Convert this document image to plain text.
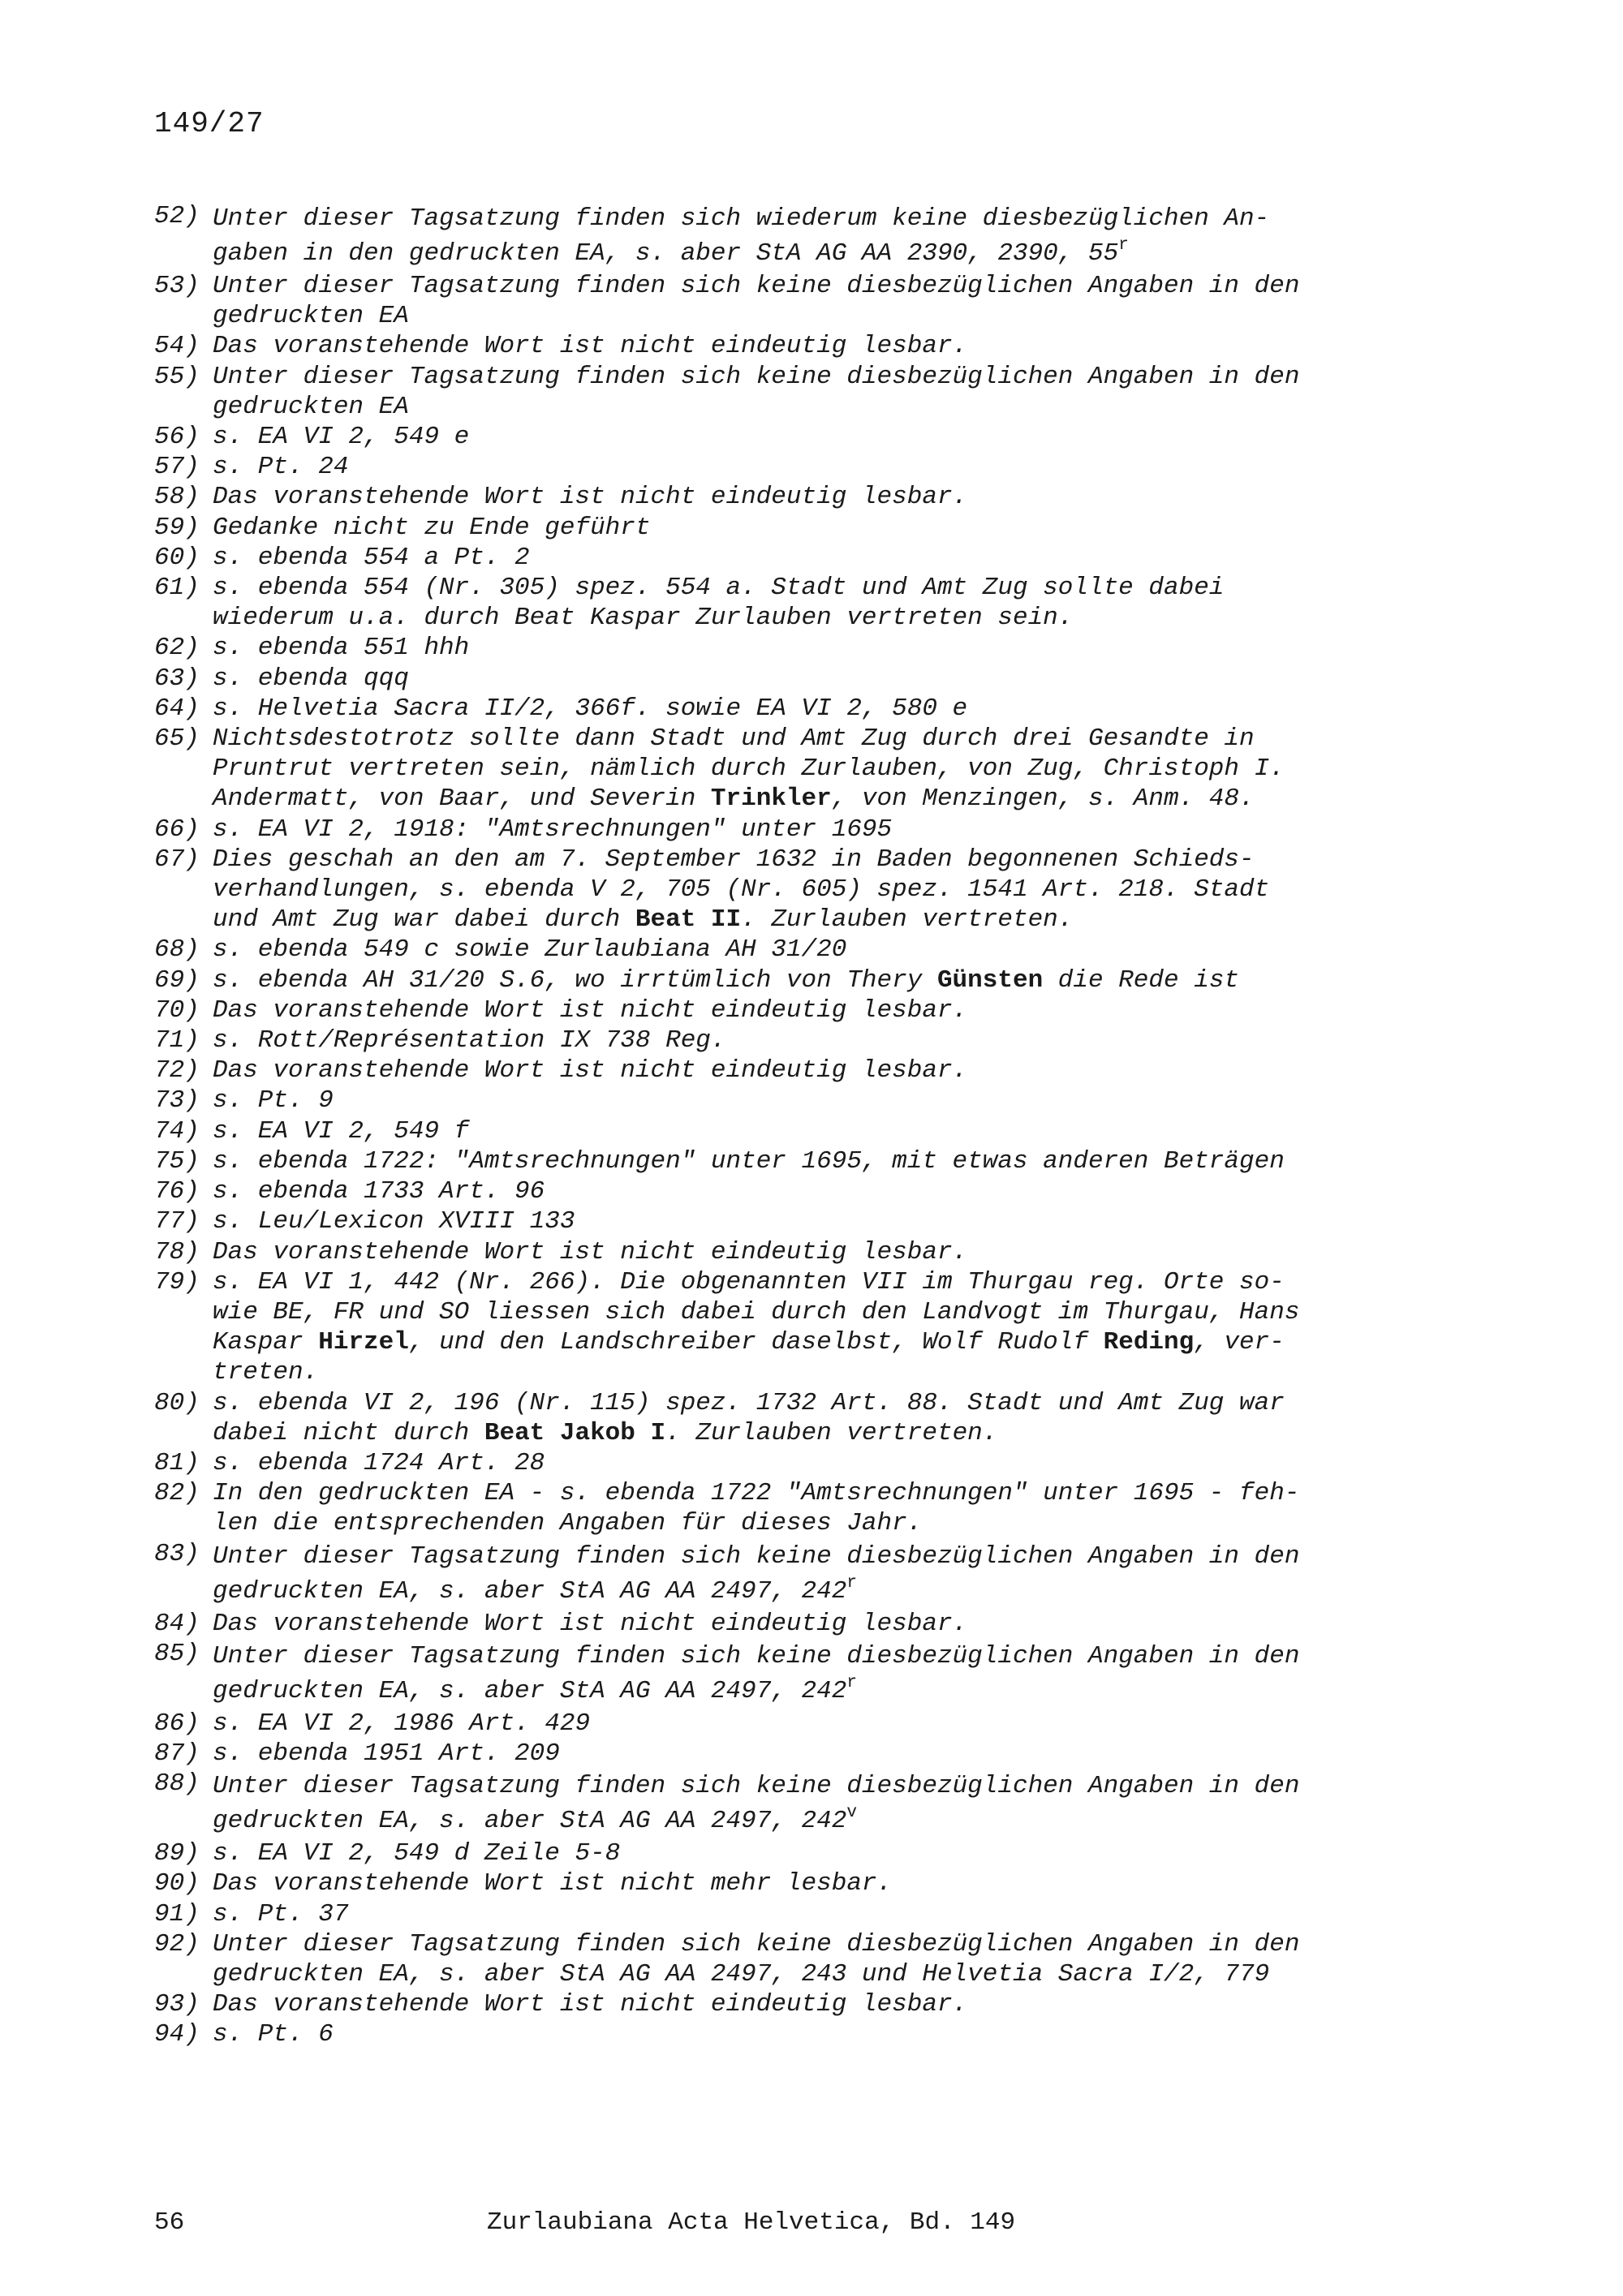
149/27
52) Unter dieser Tagsatzung finden sich wiederum keine diesbezüglichen An-
gaben in den gedruckten EA, s. aber StA AG AA 2390, 2390, 55$^r$
53) Unter dieser Tagsatzung finden sich keine diesbezüglichen Angaben in den
gedruckten EA
54) Das voranstehende Wort ist nicht eindeutig lesbar.
55) Unter dieser Tagsatzung finden sich keine diesbezüglichen Angaben in den
gedruckten EA
56) s. EA VI 2, 549 e
57) s. Pt. 24
58) Das voranstehende Wort ist nicht eindeutig lesbar.
59) Gedanke nicht zu Ende geführt
60) s. ebenda 554 a Pt. 2
61) s. ebenda 554 (Nr. 305) spez. 554 a. Stadt und Amt Zug sollte dabei
wiederum u.a. durch Beat Kaspar Zurlauben vertreten sein.
62) s. ebenda 551 hhh
63) s. ebenda qqq
64) s. Helvetia Sacra II/2, 366f. sowie EA VI 2, 580 e
65) Nichtsdestotrotz sollte dann Stadt und Amt Zug durch drei Gesandte in
Pruntrut vertreten sein, nämlich durch Zurlauben, von Zug, Christoph I.
Andermatt, von Baar, und Severin Trinkler, von Menzingen, s. Anm. 48.
66) s. EA VI 2, 1918: "Amtsrechnungen" unter 1695
67) Dies geschah an den am 7. September 1632 in Baden begonnenen Schieds-
verhandlungen, s. ebenda V 2, 705 (Nr. 605) spez. 1541 Art. 218. Stadt
und Amt Zug war dabei durch Beat II. Zurlauben vertreten.
68) s. ebenda 549 c sowie Zurlaubiana AH 31/20
69) s. ebenda AH 31/20 S.6, wo irrtümlich von Thery Günsten die Rede ist
70) Das voranstehende Wort ist nicht eindeutig lesbar.
71) s. Rott/Représentation IX 738 Reg.
72) Das voranstehende Wort ist nicht eindeutig lesbar.
73) s. Pt. 9
74) s. EA VI 2, 549 f
75) s. ebenda 1722: "Amtsrechnungen" unter 1695, mit etwas anderen Beträgen
76) s. ebenda 1733 Art. 96
77) s. Leu/Lexicon XVIII 133
78) Das voranstehende Wort ist nicht eindeutig lesbar.
79) s. EA VI 1, 442 (Nr. 266). Die obgenannten VII im Thurgau reg. Orte so-
wie BE, FR und SO liessen sich dabei durch den Landvogt im Thurgau, Hans
Kaspar Hirzel, und den Landschreiber daselbst, Wolf Rudolf Reding, ver-
treten.
80) s. ebenda VI 2, 196 (Nr. 115) spez. 1732 Art. 88. Stadt und Amt Zug war
dabei nicht durch Beat Jakob I. Zurlauben vertreten.
81) s. ebenda 1724 Art. 28
82) In den gedruckten EA - s. ebenda 1722 "Amtsrechnungen" unter 1695 - feh-
len die entsprechenden Angaben für dieses Jahr.
83) Unter dieser Tagsatzung finden sich keine diesbezüglichen Angaben in den
gedruckten EA, s. aber StA AG AA 2497, 242$^r$
84) Das voranstehende Wort ist nicht eindeutig lesbar.
85) Unter dieser Tagsatzung finden sich keine diesbezüglichen Angaben in den
gedruckten EA, s. aber StA AG AA 2497, 242$^r$
86) s. EA VI 2, 1986 Art. 429
87) s. ebenda 1951 Art. 209
88) Unter dieser Tagsatzung finden sich keine diesbezüglichen Angaben in den
gedruckten EA, s. aber StA AG AA 2497, 242$^v$
89) s. EA VI 2, 549 d Zeile 5-8
90) Das voranstehende Wort ist nicht mehr lesbar.
91) s. Pt. 37
92) Unter dieser Tagsatzung finden sich keine diesbezüglichen Angaben in den
gedruckten EA, s. aber StA AG AA 2497, 243 und Helvetia Sacra I/2, 779
93) Das voranstehende Wort ist nicht eindeutig lesbar.
94) s. Pt. 6
56	Zurlaubiana Acta Helvetica, Bd. 149
